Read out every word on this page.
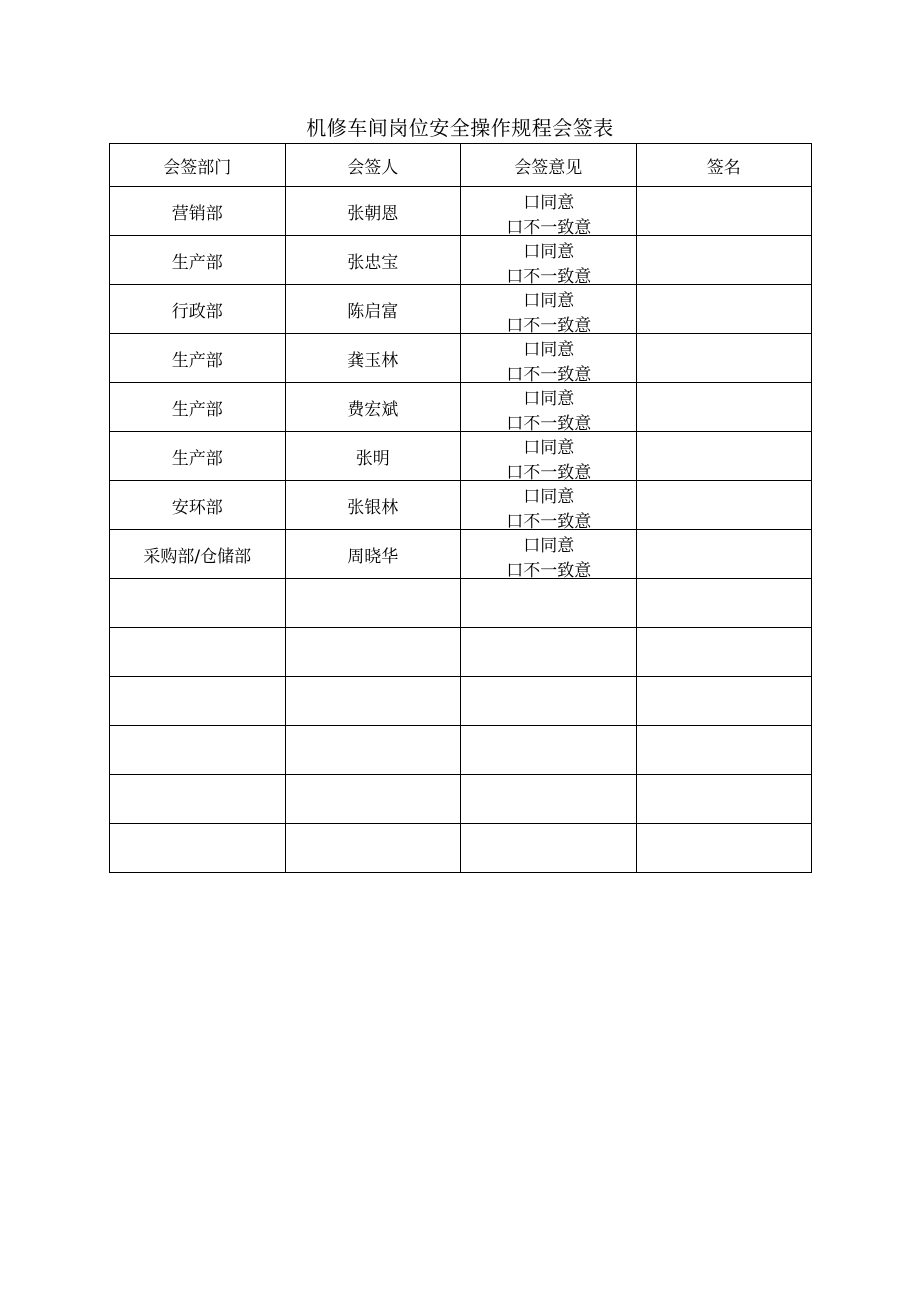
机修车间岗位安全操作规程会签表
会签部门	会签人	会签意见	签名
营销部	张朝恩	口同意
口不一致意	

生产部	张忠宝	口同意
口不一致意	

行政部	陈启富	口同意
口不一致意	

生产部	龚玉林	口同意
口不一致意	

生产部	费宏斌	口同意
口不一致意	

生产部	张明	口同意
口不一致意	

安环部	张银林	口同意
口不一致意	

采购部/仓储部	周晓华	口同意
口不一致意	
